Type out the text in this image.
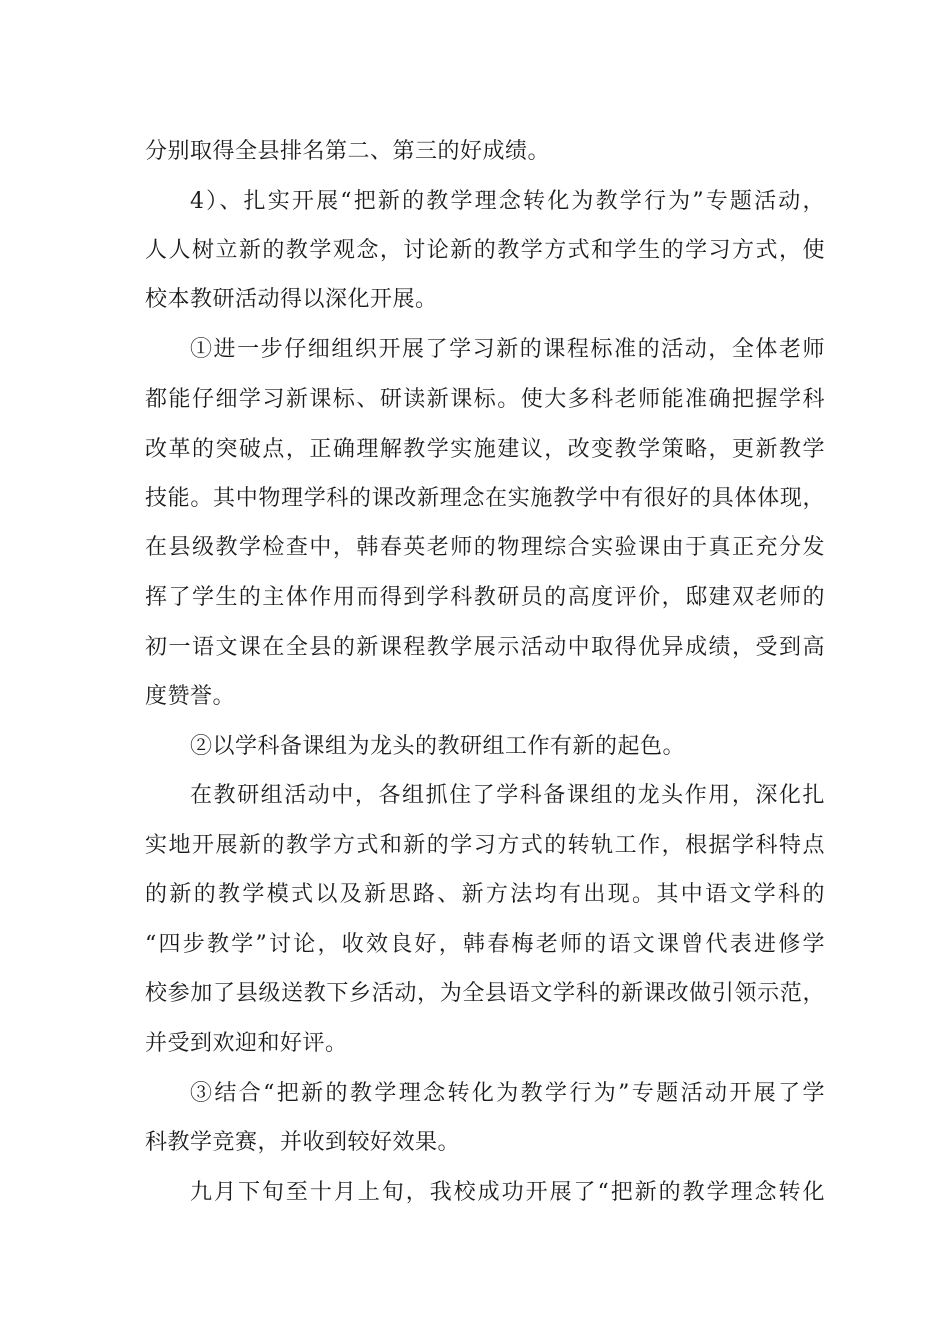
分别取得全县排名第二、第三的好成绩。
4）、扎实开展“把新的教学理念转化为教学行为”专题活动，
人人树立新的教学观念，讨论新的教学方式和学生的学习方式，使
校本教研活动得以深化开展。
①进一步仔细组织开展了学习新的课程标准的活动，全体老师
都能仔细学习新课标、研读新课标。使大多科老师能准确把握学科
改革的突破点，正确理解教学实施建议，改变教学策略，更新教学
技能。其中物理学科的课改新理念在实施教学中有很好的具体体现，
在县级教学检查中，韩春英老师的物理综合实验课由于真正充分发
挥了学生的主体作用而得到学科教研员的高度评价，邸建双老师的
初一语文课在全县的新课程教学展示活动中取得优异成绩，受到高
度赞誉。
②以学科备课组为龙头的教研组工作有新的起色。
在教研组活动中，各组抓住了学科备课组的龙头作用，深化扎
实地开展新的教学方式和新的学习方式的转轨工作，根据学科特点
的新的教学模式以及新思路、新方法均有出现。其中语文学科的
“四步教学”讨论，收效良好，韩春梅老师的语文课曾代表进修学
校参加了县级送教下乡活动，为全县语文学科的新课改做引领示范，
并受到欢迎和好评。
③结合“把新的教学理念转化为教学行为”专题活动开展了学
科教学竞赛，并收到较好效果。
九月下旬至十月上旬，我校成功开展了“把新的教学理念转化
